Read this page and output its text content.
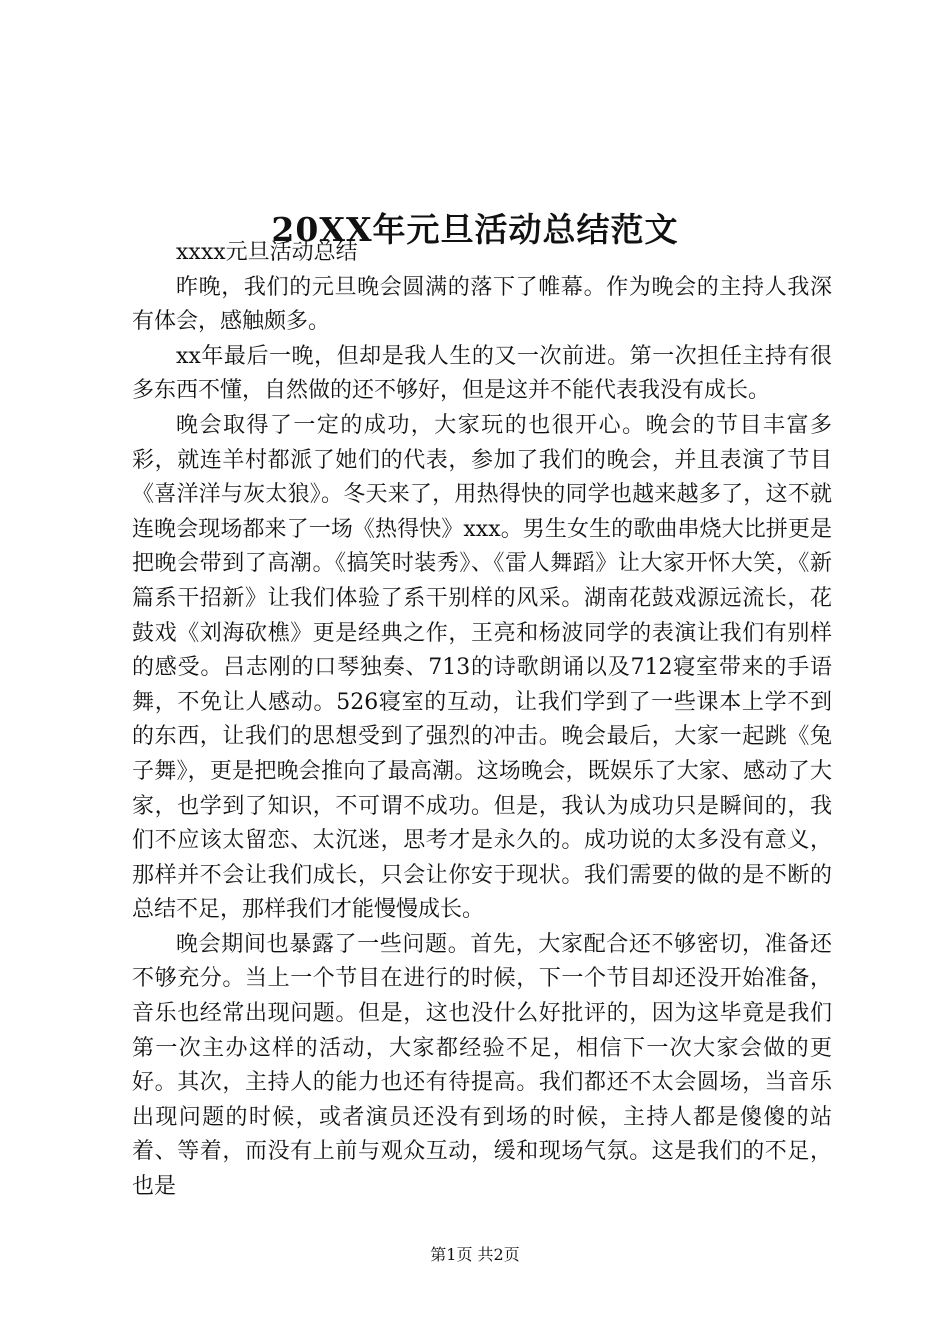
20XX年元旦活动总结范文
xxxx元旦活动总结

昨晚，我们的元旦晚会圆满的落下了帷幕。作为晚会的主持人我深有体会，感触颇多。

xx年最后一晚，但却是我人生的又一次前进。第一次担任主持有很多东西不懂，自然做的还不够好，但是这并不能代表我没有成长。

晚会取得了一定的成功，大家玩的也很开心。晚会的节目丰富多彩，就连羊村都派了她们的代表，参加了我们的晚会，并且表演了节目《喜洋洋与灰太狼》。冬天来了，用热得快的同学也越来越多了，这不就连晚会现场都来了一场《热得快》xxx。男生女生的歌曲串烧大比拼更是把晚会带到了高潮。《搞笑时装秀》、《雷人舞蹈》让大家开怀大笑，《新篇系干招新》让我们体验了系干别样的风采。湖南花鼓戏源远流长，花鼓戏《刘海砍樵》更是经典之作，王亮和杨波同学的表演让我们有别样的感受。吕志刚的口琴独奏、713的诗歌朗诵以及712寝室带来的手语舞，不免让人感动。526寝室的互动，让我们学到了一些课本上学不到的东西，让我们的思想受到了强烈的冲击。晚会最后，大家一起跳《兔子舞》，更是把晚会推向了最高潮。这场晚会，既娱乐了大家、感动了大家，也学到了知识，不可谓不成功。但是，我认为成功只是瞬间的，我们不应该太留恋、太沉迷，思考才是永久的。成功说的太多没有意义，那样并不会让我们成长，只会让你安于现状。我们需要的做的是不断的总结不足，那样我们才能慢慢成长。

晚会期间也暴露了一些问题。首先，大家配合还不够密切，准备还不够充分。当上一个节目在进行的时候，下一个节目却还没开始准备，音乐也经常出现问题。但是，这也没什么好批评的，因为这毕竟是我们第一次主办这样的活动，大家都经验不足，相信下一次大家会做的更好。其次，主持人的能力也还有待提高。我们都还不太会圆场，当音乐出现问题的时候，或者演员还没有到场的时候，主持人都是傻傻的站着、等着，而没有上前与观众互动，缓和现场气氛。这是我们的不足，也是

第1页 共2页
